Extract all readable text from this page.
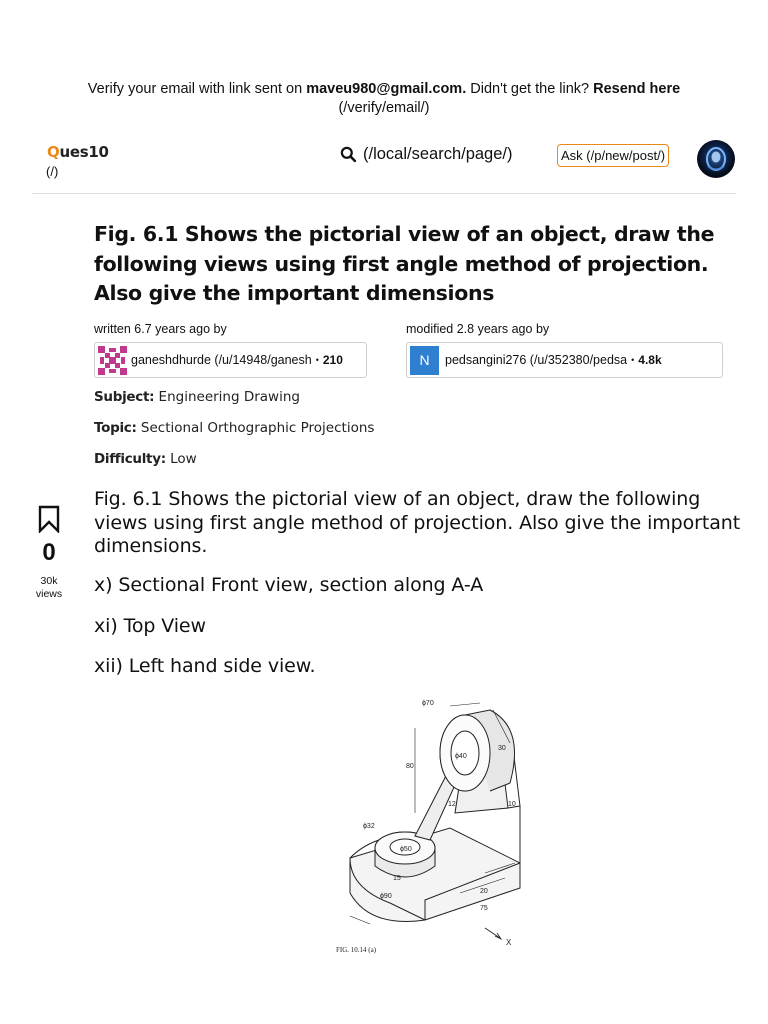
Verify your email with link sent on maveu980@gmail.com. Didn't get the link? Resend here
(/verify/email/)
Ques10
(/)
(/local/search/page/)	Ask (/p/new/post/)
Fig. 6.1 Shows the pictorial view of an object, draw the following views using first angle method of projection. Also give the important dimensions
written 6.7 years ago by	modified 2.8 years ago by
ganeshdhurde (/u/14948/ganesh • 210	N	pedsangini276 (/u/352380/pedsa • 4.8k
Subject: Engineering Drawing
Topic: Sectional Orthographic Projections
Difficulty: Low
0
30k
views
Fig. 6.1 Shows the pictorial view of an object, draw the following views using first angle method of projection. Also give the important dimensions.
x) Sectional Front view, section along A-A
xi) Top View
xii) Left hand side view.
ϕ70
ϕ40
30
80
ϕ32
ϕ50
15
ϕ90
20
75
10
12
X
FIG. 10.14 (a)
